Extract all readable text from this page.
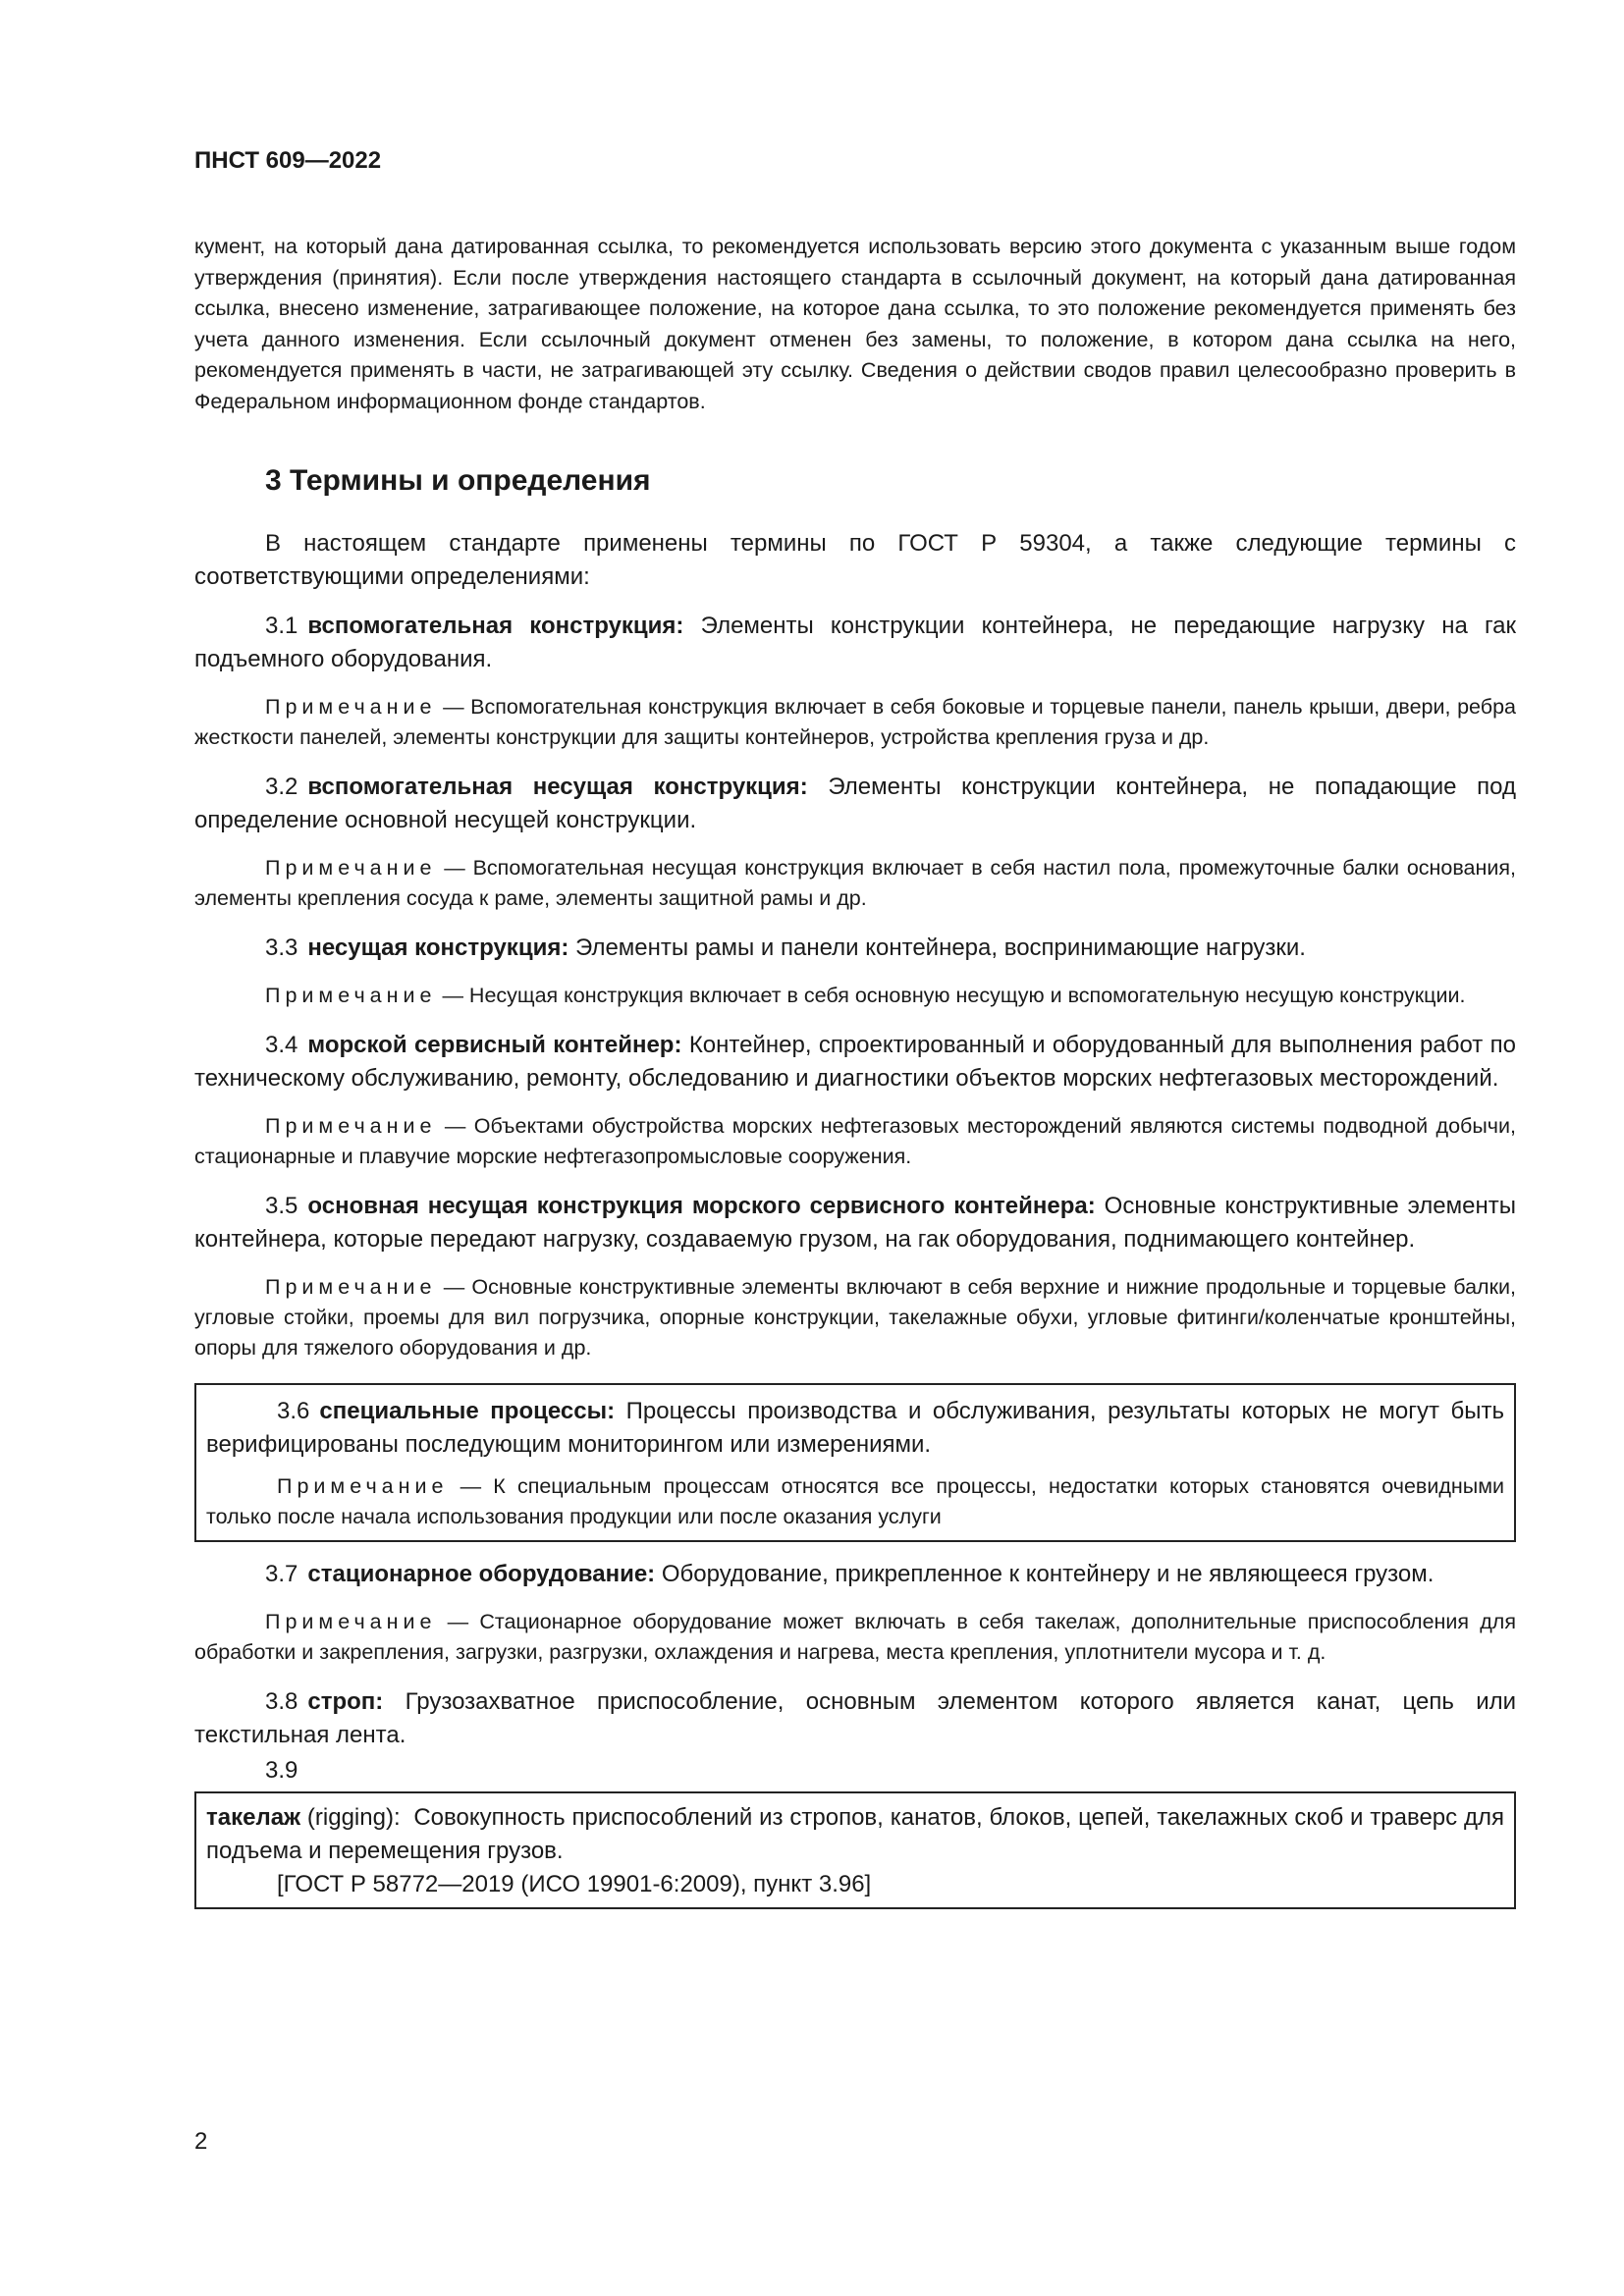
ПНСТ 609—2022

кумент, на который дана датированная ссылка, то рекомендуется использовать версию этого документа с указанным выше годом утверждения (принятия). Если после утверждения настоящего стандарта в ссылочный документ, на который дана датированная ссылка, внесено изменение, затрагивающее положение, на которое дана ссылка, то это положение рекомендуется применять без учета данного изменения. Если ссылочный документ отменен без замены, то положение, в котором дана ссылка на него, рекомендуется применять в части, не затрагивающей эту ссылку. Сведения о действии сводов правил целесообразно проверить в Федеральном информационном фонде стандартов.

3 Термины и определения

В настоящем стандарте применены термины по ГОСТ Р 59304, а также следующие термины с соответствующими определениями:

3.1 вспомогательная конструкция: Элементы конструкции контейнера, не передающие нагрузку на гак подъемного оборудования.

Примечание — Вспомогательная конструкция включает в себя боковые и торцевые панели, панель крыши, двери, ребра жесткости панелей, элементы конструкции для защиты контейнеров, устройства крепления груза и др.

3.2 вспомогательная несущая конструкция: Элементы конструкции контейнера, не попадающие под определение основной несущей конструкции.

Примечание — Вспомогательная несущая конструкция включает в себя настил пола, промежуточные балки основания, элементы крепления сосуда к раме, элементы защитной рамы и др.

3.3 несущая конструкция: Элементы рамы и панели контейнера, воспринимающие нагрузки.

Примечание — Несущая конструкция включает в себя основную несущую и вспомогательную несущую конструкции.

3.4 морской сервисный контейнер: Контейнер, спроектированный и оборудованный для выполнения работ по техническому обслуживанию, ремонту, обследованию и диагностики объектов морских нефтегазовых месторождений.

Примечание — Объектами обустройства морских нефтегазовых месторождений являются системы подводной добычи, стационарные и плавучие морские нефтегазопромысловые сооружения.

3.5 основная несущая конструкция морского сервисного контейнера: Основные конструктивные элементы контейнера, которые передают нагрузку, создаваемую грузом, на гак оборудования, поднимающего контейнер.

Примечание — Основные конструктивные элементы включают в себя верхние и нижние продольные и торцевые балки, угловые стойки, проемы для вил погрузчика, опорные конструкции, такелажные обухи, угловые фитинги/коленчатые кронштейны, опоры для тяжелого оборудования и др.

3.6 специальные процессы: Процессы производства и обслуживания, результаты которых не могут быть верифицированы последующим мониторингом или измерениями.

Примечание — К специальным процессам относятся все процессы, недостатки которых становятся очевидными только после начала использования продукции или после оказания услуги

3.7 стационарное оборудование: Оборудование, прикрепленное к контейнеру и не являющееся грузом.

Примечание — Стационарное оборудование может включать в себя такелаж, дополнительные приспособления для обработки и закрепления, загрузки, разгрузки, охлаждения и нагрева, места крепления, уплотнители мусора и т. д.

3.8 строп: Грузозахватное приспособление, основным элементом которого является канат, цепь или текстильная лента.

3.9

такелаж (rigging): Совокупность приспособлений из стропов, канатов, блоков, цепей, такелажных скоб и траверс для подъема и перемещения грузов.

[ГОСТ Р 58772—2019 (ИСО 19901-6:2009), пункт 3.96]

2
